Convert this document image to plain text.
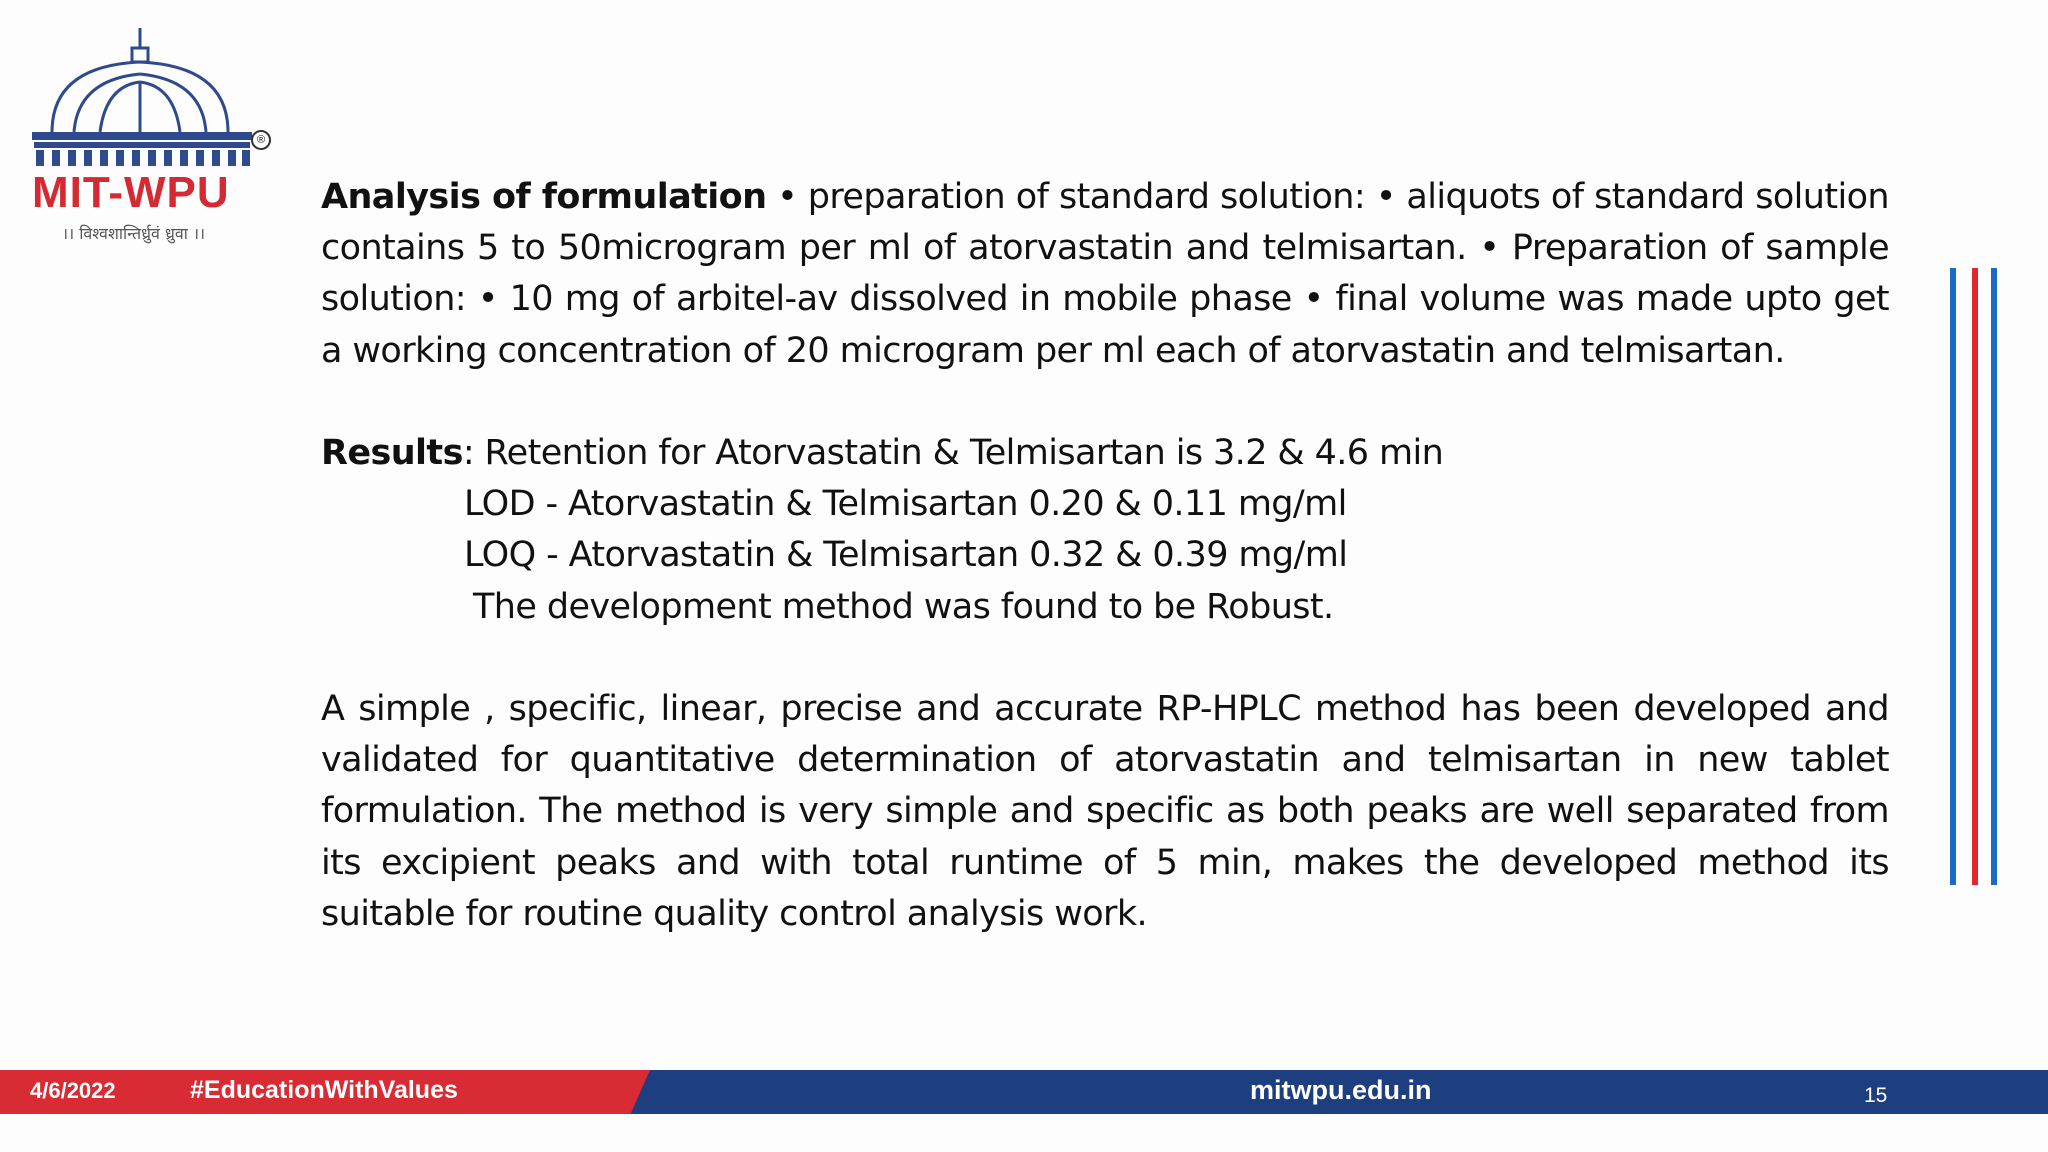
®
MIT-WPU
।। विश्वशान्तिर्ध्रुवं ध्रुवा ।।

Analysis of formulation • preparation of standard solution: • aliquots of standard solution contains 5 to 50microgram per ml of atorvastatin and telmisartan. • Preparation of sample solution: • 10 mg of arbitel-av dissolved in mobile phase • final volume was made upto get a working concentration of 20 microgram per ml each of atorvastatin and telmisartan.

Results: Retention for Atorvastatin & Telmisartan is 3.2 & 4.6 min

LOD - Atorvastatin & Telmisartan 0.20 & 0.11 mg/ml

LOQ - Atorvastatin & Telmisartan 0.32 & 0.39 mg/ml

The development method was found to be Robust.

A simple , specific, linear, precise and accurate RP-HPLC method has been developed and validated for quantitative determination of atorvastatin and telmisartan in new tablet formulation. The method is very simple and specific as both peaks are well separated from its excipient peaks and with total runtime of 5 min, makes the developed method its suitable for routine quality control analysis work.

4/6/2022	#EducationWithValues	mitwpu.edu.in	15
